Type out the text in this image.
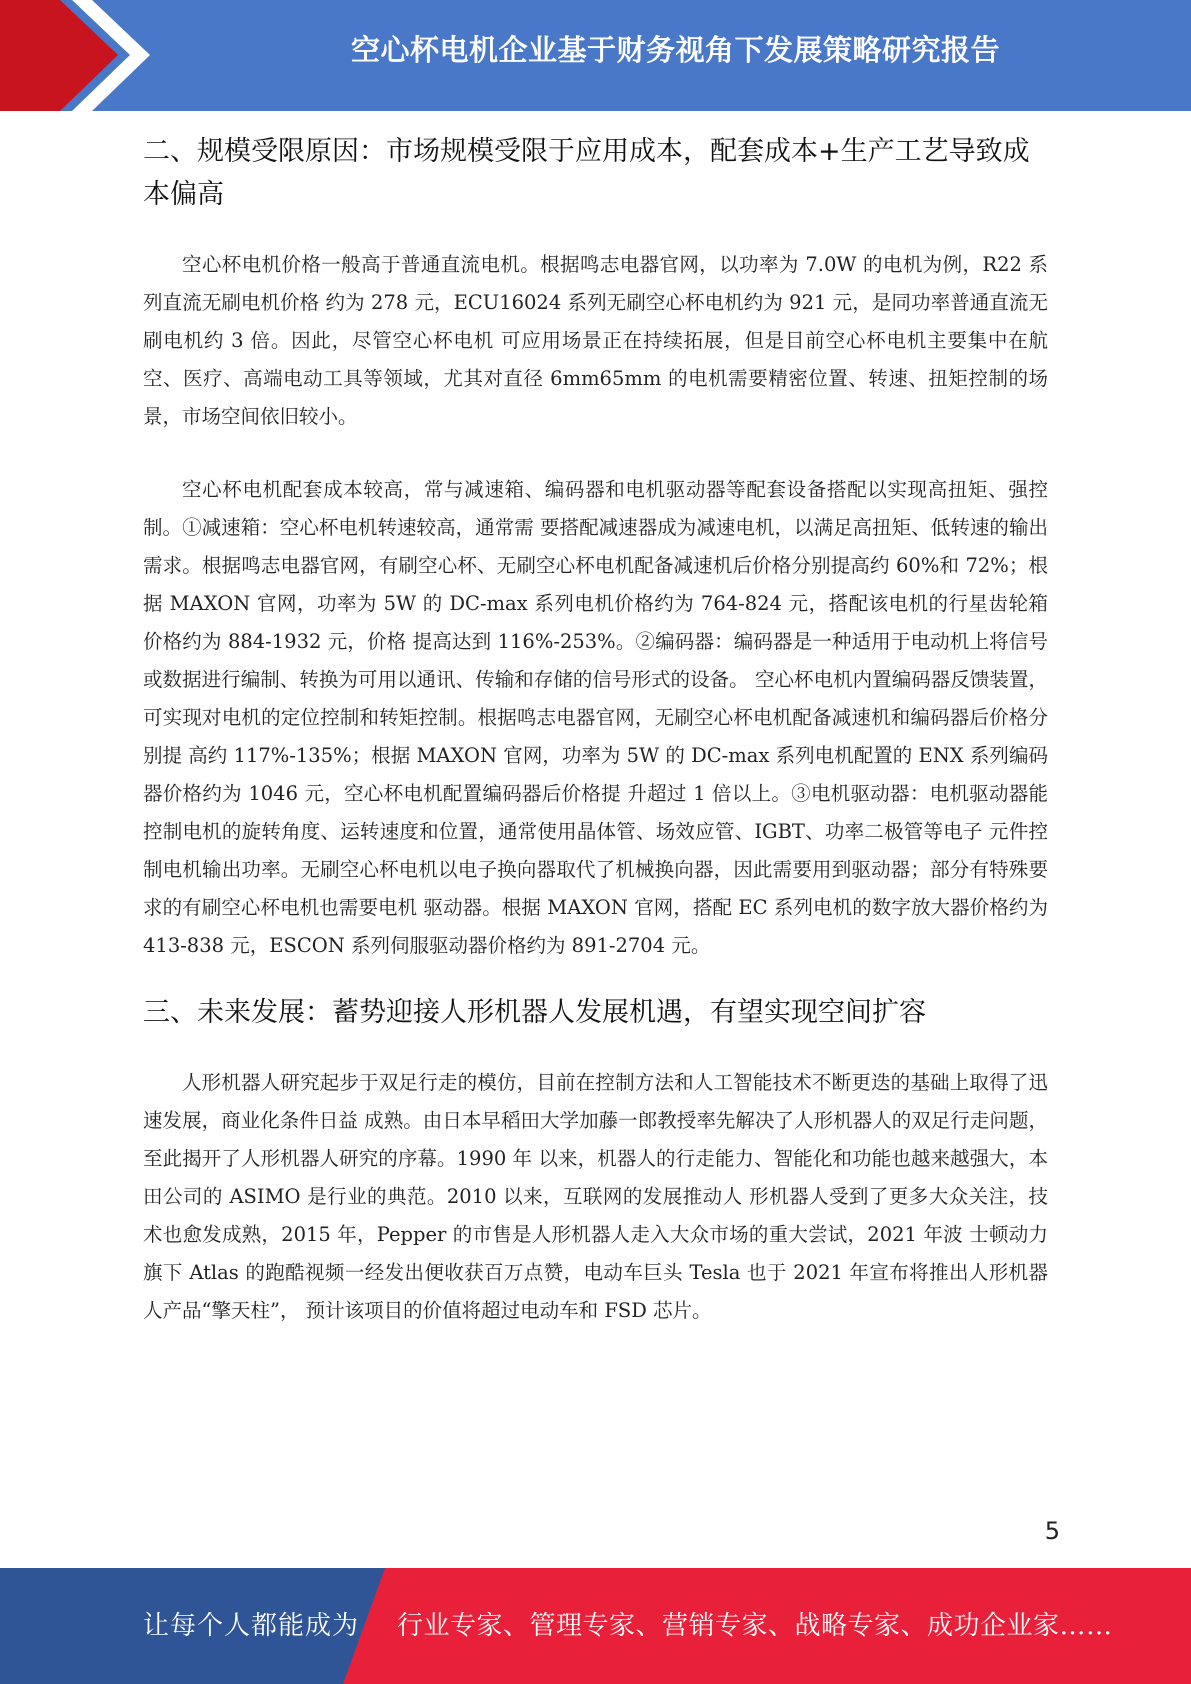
空心杯电机企业基于财务视角下发展策略研究报告
二、规模受限原因：市场规模受限于应用成本，配套成本+生产工艺导致成本偏高

空心杯电机价格一般高于普通直流电机。根据鸣志电器官网，以功率为 7.0W 的电机为例，R22 系列直流无刷电机价格 约为 278 元，ECU16024 系列无刷空心杯电机约为 921 元，是同功率普通直流无刷电机约 3 倍。因此，尽管空心杯电机 可应用场景正在持续拓展，但是目前空心杯电机主要集中在航空、医疗、高端电动工具等领域，尤其对直径 6mm65mm 的电机需要精密位置、转速、扭矩控制的场景，市场空间依旧较小。

空心杯电机配套成本较高，常与减速箱、编码器和电机驱动器等配套设备搭配以实现高扭矩、强控制。①减速箱：空心杯电机转速较高，通常需 要搭配减速器成为减速电机，以满足高扭矩、低转速的输出需求。根据鸣志电器官网，有刷空心杯、无刷空心杯电机配备减速机后价格分别提高约 60%和 72%；根据 MAXON 官网，功率为 5W 的 DC-max 系列电机价格约为 764-824 元，搭配该电机的行星齿轮箱价格约为 884-1932 元，价格 提高达到 116%-253%。②编码器：编码器是一种适用于电动机上将信号或数据进行编制、转换为可用以通讯、传输和存储的信号形式的设备。 空心杯电机内置编码器反馈装置，可实现对电机的定位控制和转矩控制。根据鸣志电器官网，无刷空心杯电机配备减速机和编码器后价格分别提 高约 117%-135%；根据 MAXON 官网，功率为 5W 的 DC-max 系列电机配置的 ENX 系列编码器价格约为 1046 元，空心杯电机配置编码器后价格提 升超过 1 倍以上。③电机驱动器：电机驱动器能控制电机的旋转角度、运转速度和位置，通常使用晶体管、场效应管、IGBT、功率二极管等电子 元件控制电机输出功率。无刷空心杯电机以电子换向器取代了机械换向器，因此需要用到驱动器；部分有特殊要求的有刷空心杯电机也需要电机 驱动器。根据 MAXON 官网，搭配 EC 系列电机的数字放大器价格约为 413-838 元，ESCON 系列伺服驱动器价格约为 891-2704 元。

三、未来发展：蓄势迎接人形机器人发展机遇，有望实现空间扩容

人形机器人研究起步于双足行走的模仿，目前在控制方法和人工智能技术不断更迭的基础上取得了迅速发展，商业化条件日益 成熟。由日本早稻田大学加藤一郎教授率先解决了人形机器人的双足行走问题，至此揭开了人形机器人研究的序幕。1990 年 以来，机器人的行走能力、智能化和功能也越来越强大，本田公司的 ASIMO 是行业的典范。2010 以来，互联网的发展推动人 形机器人受到了更多大众关注，技术也愈发成熟，2015 年，Pepper 的市售是人形机器人走入大众市场的重大尝试，2021 年波 士顿动力旗下 Atlas 的跑酷视频一经发出便收获百万点赞，电动车巨头 Tesla 也于 2021 年宣布将推出人形机器人产品“擎天柱”， 预计该项目的价值将超过电动车和 FSD 芯片。

5
让每个人都能成为 行业专家、管理专家、营销专家、战略专家、成功企业家……
